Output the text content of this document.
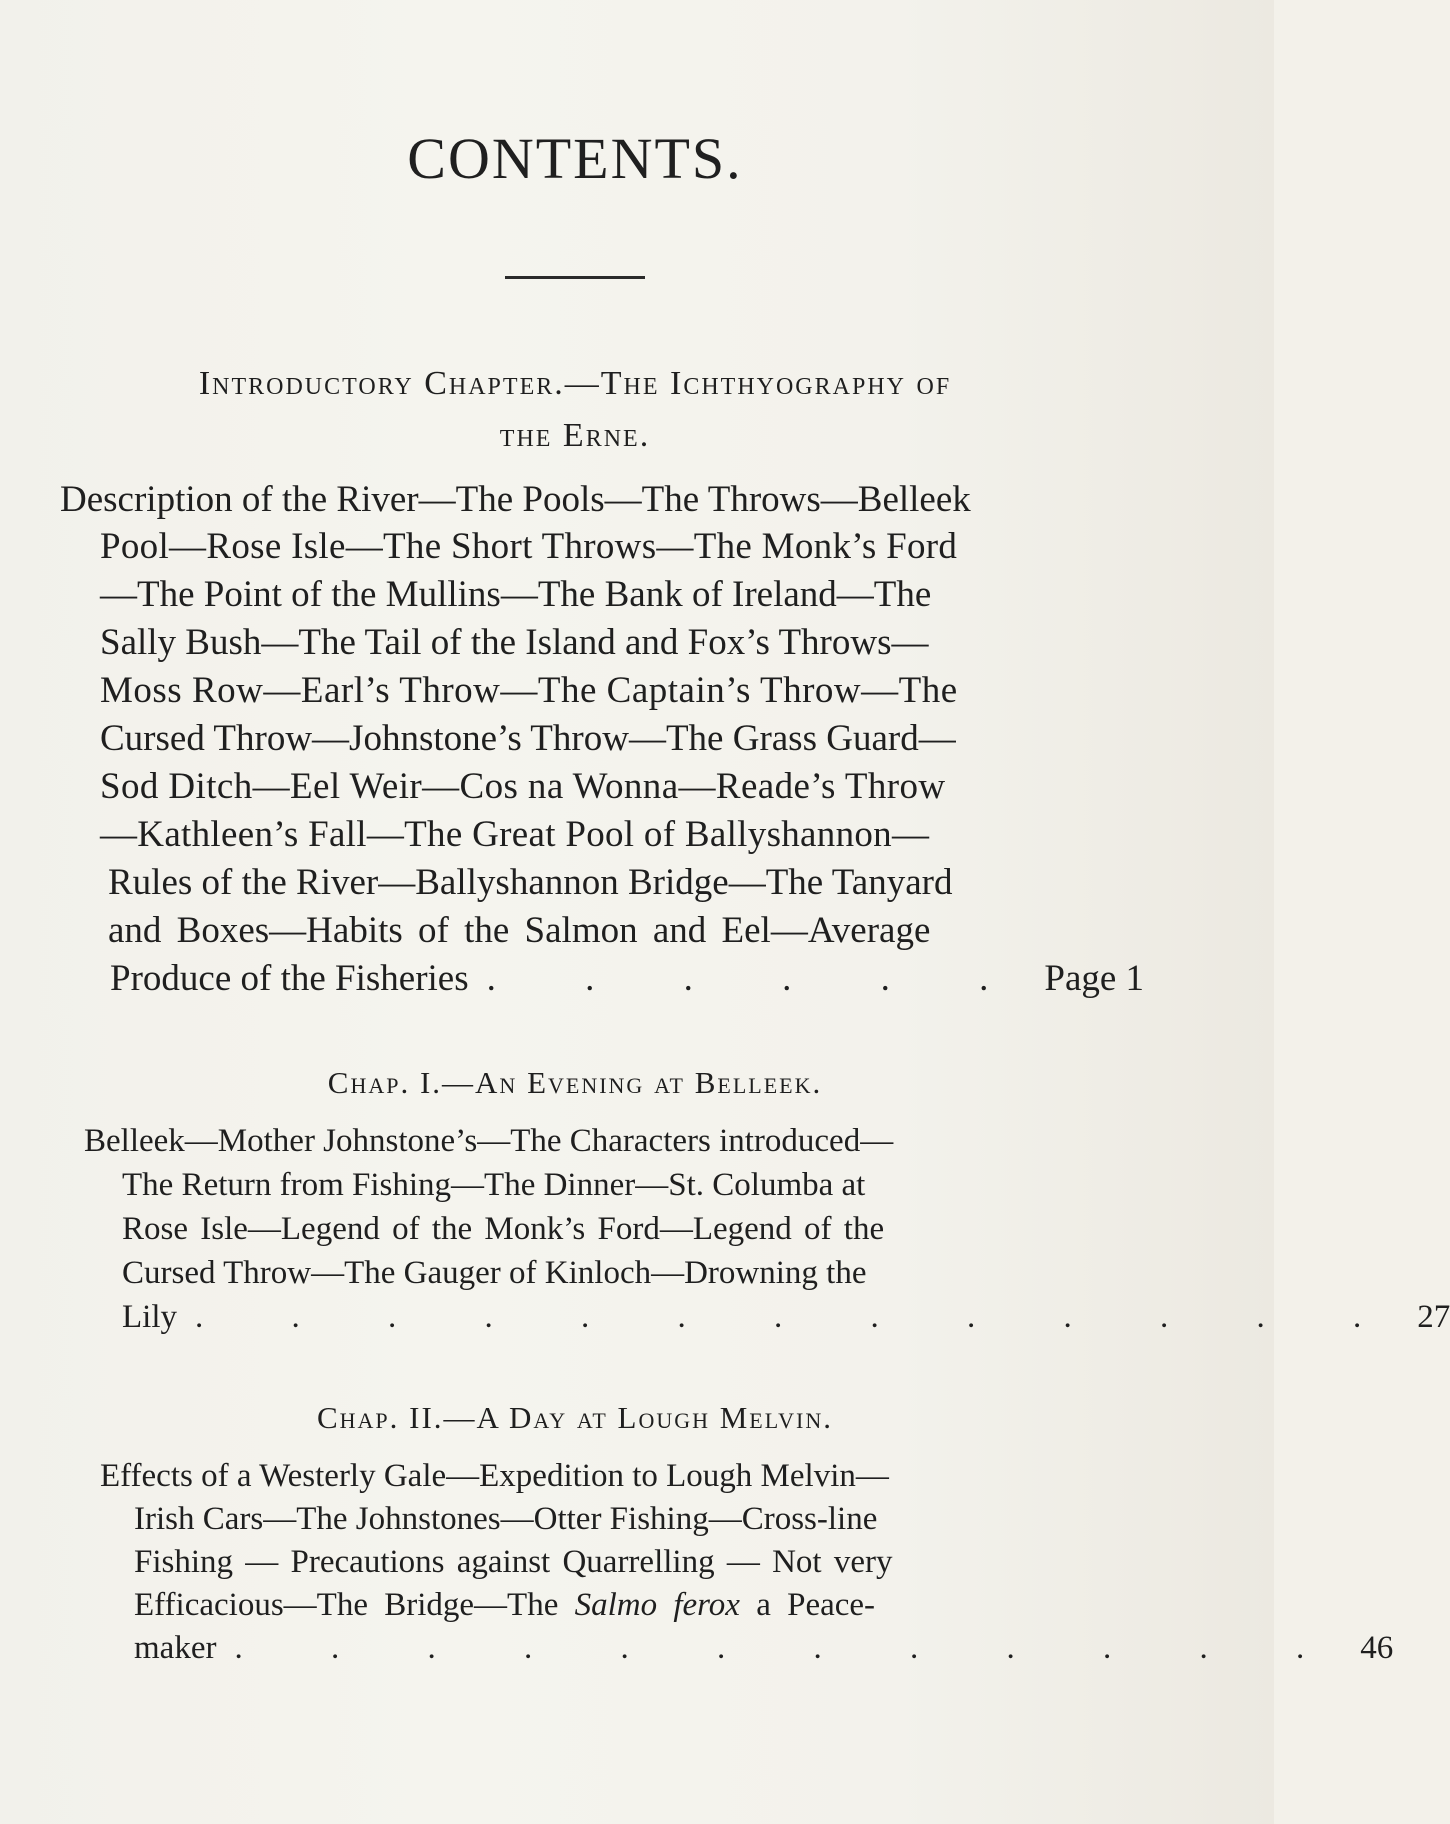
CONTENTS.
Introductory Chapter.—The Ichthyography of
the Erne.
Description of the River—The Pools—The Throws—Belleek
Pool—Rose Isle—The Short Throws—The Monk’s Ford
—The Point of the Mullins—The Bank of Ireland—The
Sally Bush—The Tail of the Island and Fox’s Throws—
Moss Row—Earl’s Throw—The Captain’s Throw—The
Cursed Throw—Johnstone’s Throw—The Grass Guard—
Sod Ditch—Eel Weir—Cos na Wonna—Reade’s Throw
—Kathleen’s Fall—The Great Pool of Ballyshannon—
Rules of the River—Ballyshannon Bridge—The Tanyard
and Boxes—Habits of the Salmon and Eel—Average
Produce of the Fisheries . . . . . . Page 1
Chap. I.—An Evening at Belleek.
Belleek—Mother Johnstone’s—The Characters introduced—
The Return from Fishing—The Dinner—St. Columba at
Rose Isle—Legend of the Monk’s Ford—Legend of the
Cursed Throw—The Gauger of Kinloch—Drowning the
Lily . . . . . . . . . . . . . 27
Chap. II.—A Day at Lough Melvin.
Effects of a Westerly Gale—Expedition to Lough Melvin—
Irish Cars—The Johnstones—Otter Fishing—Cross-line
Fishing — Precautions against Quarrelling — Not very
Efficacious—The Bridge—The Salmo ferox a Peace-
maker . . . . . . . . . . . . 46
